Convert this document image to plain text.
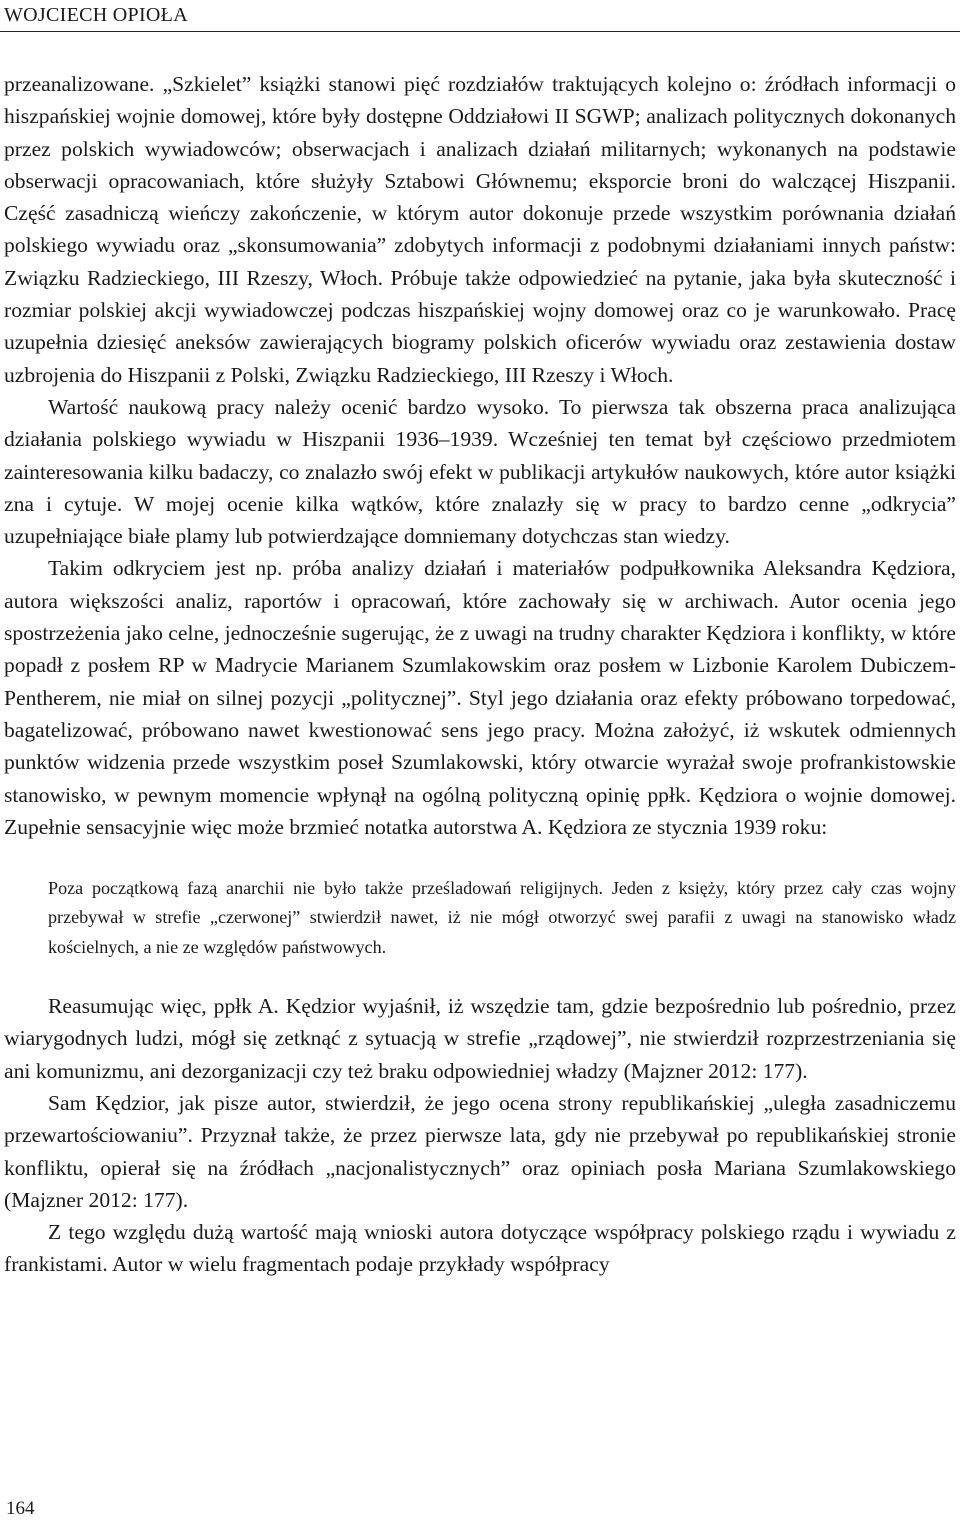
WOJCIECH OPIOŁA

przeanalizowane. „Szkielet” książki stanowi pięć rozdziałów traktujących kolejno o: źródłach informacji o hiszpańskiej wojnie domowej, które były dostępne Oddziałowi II SGWP; analizach politycznych dokonanych przez polskich wywiadowców; obserwacjach i analizach działań militarnych; wykonanych na podstawie obserwacji opracowaniach, które służyły Sztabowi Głównemu; eksporcie broni do walczącej Hiszpanii. Część zasadniczą wieńczy zakończenie, w którym autor dokonuje przede wszystkim porównania działań polskiego wywiadu oraz „skonsumowania” zdobytych informacji z podobnymi działaniami innych państw: Związku Radzieckiego, III Rzeszy, Włoch. Próbuje także odpowiedzieć na pytanie, jaka była skuteczność i rozmiar polskiej akcji wywiadowczej podczas hiszpańskiej wojny domowej oraz co je warunkowało. Pracę uzupełnia dziesięć aneksów zawierających biogramy polskich oficerów wywiadu oraz zestawienia dostaw uzbrojenia do Hiszpanii z Polski, Związku Radzieckiego, III Rzeszy i Włoch.

Wartość naukową pracy należy ocenić bardzo wysoko. To pierwsza tak obszerna praca analizująca działania polskiego wywiadu w Hiszpanii 1936–1939. Wcześniej ten temat był częściowo przedmiotem zainteresowania kilku badaczy, co znalazło swój efekt w publikacji artykułów naukowych, które autor książki zna i cytuje. W mojej ocenie kilka wątków, które znalazły się w pracy to bardzo cenne „odkrycia” uzupełniające białe plamy lub potwierdzające domniemany dotychczas stan wiedzy.

Takim odkryciem jest np. próba analizy działań i materiałów podpułkownika Aleksandra Kędziora, autora większości analiz, raportów i opracowań, które zachowały się w archiwach. Autor ocenia jego spostrzeżenia jako celne, jednocześnie sugerując, że z uwagi na trudny charakter Kędziora i konflikty, w które popadł z posłem RP w Madrycie Marianem Szumlakowskim oraz posłem w Lizbonie Karolem Dubiczem-Pentherem, nie miał on silnej pozycji „politycznej”. Styl jego działania oraz efekty próbowano torpedować, bagatelizować, próbowano nawet kwestionować sens jego pracy. Można założyć, iż wskutek odmiennych punktów widzenia przede wszystkim poseł Szumlakowski, który otwarcie wyrażał swoje profrankistowskie stanowisko, w pewnym momencie wpłynął na ogólną polityczną opinię ppłk. Kędziora o wojnie domowej. Zupełnie sensacyjnie więc może brzmieć notatka autorstwa A. Kędziora ze stycznia 1939 roku:

Poza początkową fazą anarchii nie było także prześladowań religijnych. Jeden z księży, który przez cały czas wojny przebywał w strefie „czerwonej” stwierdził nawet, iż nie mógł otworzyć swej parafii z uwagi na stanowisko władz kościelnych, a nie ze względów państwowych.

Reasumując więc, ppłk A. Kędzior wyjaśnił, iż wszędzie tam, gdzie bezpośrednio lub pośrednio, przez wiarygodnych ludzi, mógł się zetknąć z sytuacją w strefie „rządowej”, nie stwierdził rozprzestrzeniania się ani komunizmu, ani dezorganizacji czy też braku odpowiedniej władzy (Majzner 2012: 177).

Sam Kędzior, jak pisze autor, stwierdził, że jego ocena strony republikańskiej „uległa zasadniczemu przewartościowaniu”. Przyznał także, że przez pierwsze lata, gdy nie przebywał po republikańskiej stronie konfliktu, opierał się na źródłach „nacjonalistycznych” oraz opiniach posła Mariana Szumlakowskiego (Majzner 2012: 177).

Z tego względu dużą wartość mają wnioski autora dotyczące współpracy polskiego rządu i wywiadu z frankistami. Autor w wielu fragmentach podaje przykłady współpracy

164
